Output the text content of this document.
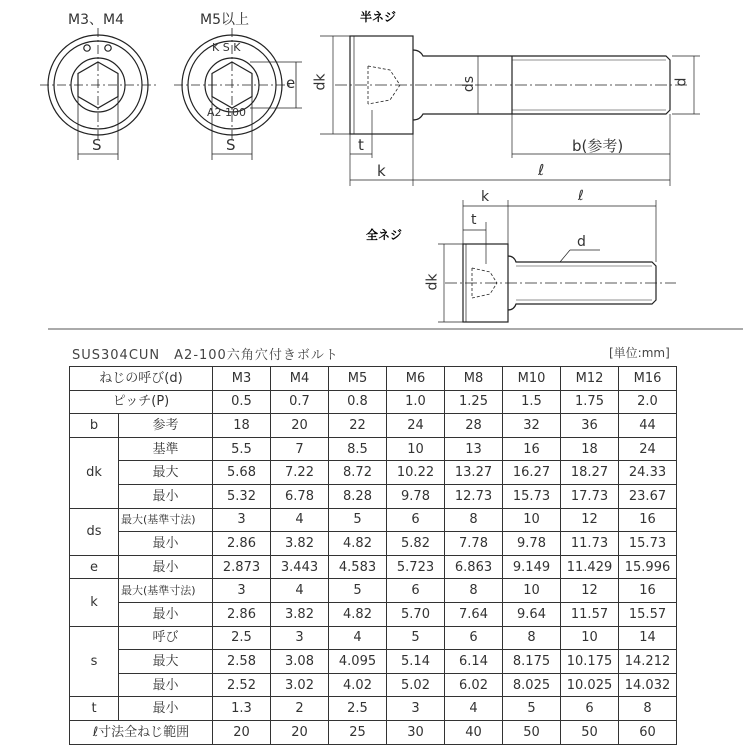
M3、M4	M5以上
K S K
A2 100
S	S
e
半ネジ
dk	ds	d
t	b(参考)
k	ℓ
全ネジ
k	ℓ
t
d
dk
SUS304CUN　A2-100六角穴付きボルト	[単位:mm]
ねじの呼び(d)		M3	M4	M5	M6	M8	M10	M12	M16
ピッチ(P)		0.5	0.7	0.8	1.0	1.25	1.5	1.75	2.0
b	参考	18	20	22	24	28	32	36	44
dk	基準	5.5	7	8.5	10	13	16	18	24
	最大	5.68	7.22	8.72	10.22	13.27	16.27	18.27	24.33
	最小	5.32	6.78	8.28	9.78	12.73	15.73	17.73	23.67
ds	最大(基準寸法)	3	4	5	6	8	10	12	16
	最小	2.86	3.82	4.82	5.82	7.78	9.78	11.73	15.73
e	最小	2.873	3.443	4.583	5.723	6.863	9.149	11.429	15.996
k	最大(基準寸法)	3	4	5	6	8	10	12	16
	最小	2.86	3.82	4.82	5.70	7.64	9.64	11.57	15.57
s	呼び	2.5	3	4	5	6	8	10	14
	最大	2.58	3.08	4.095	5.14	6.14	8.175	10.175	14.212
	最小	2.52	3.02	4.02	5.02	6.02	8.025	10.025	14.032
t	最小	1.3	2	2.5	3	4	5	6	8
ℓ寸法全ねじ範囲		20	20	25	30	40	50	50	60
